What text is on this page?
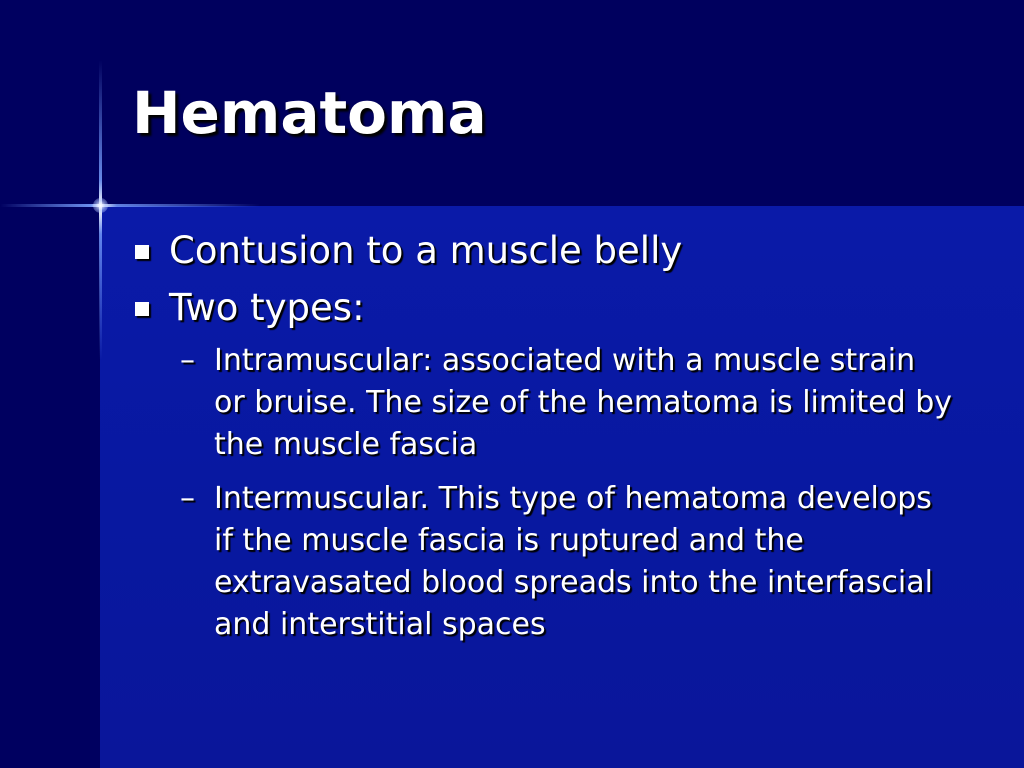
Hematoma
Contusion to a muscle belly
Two types:
– Intramuscular: associated with a muscle strain or bruise. The size of the hematoma is limited by the muscle fascia
– Intermuscular. This type of hematoma develops if the muscle fascia is ruptured and the extravasated blood spreads into the interfascial and interstitial spaces
